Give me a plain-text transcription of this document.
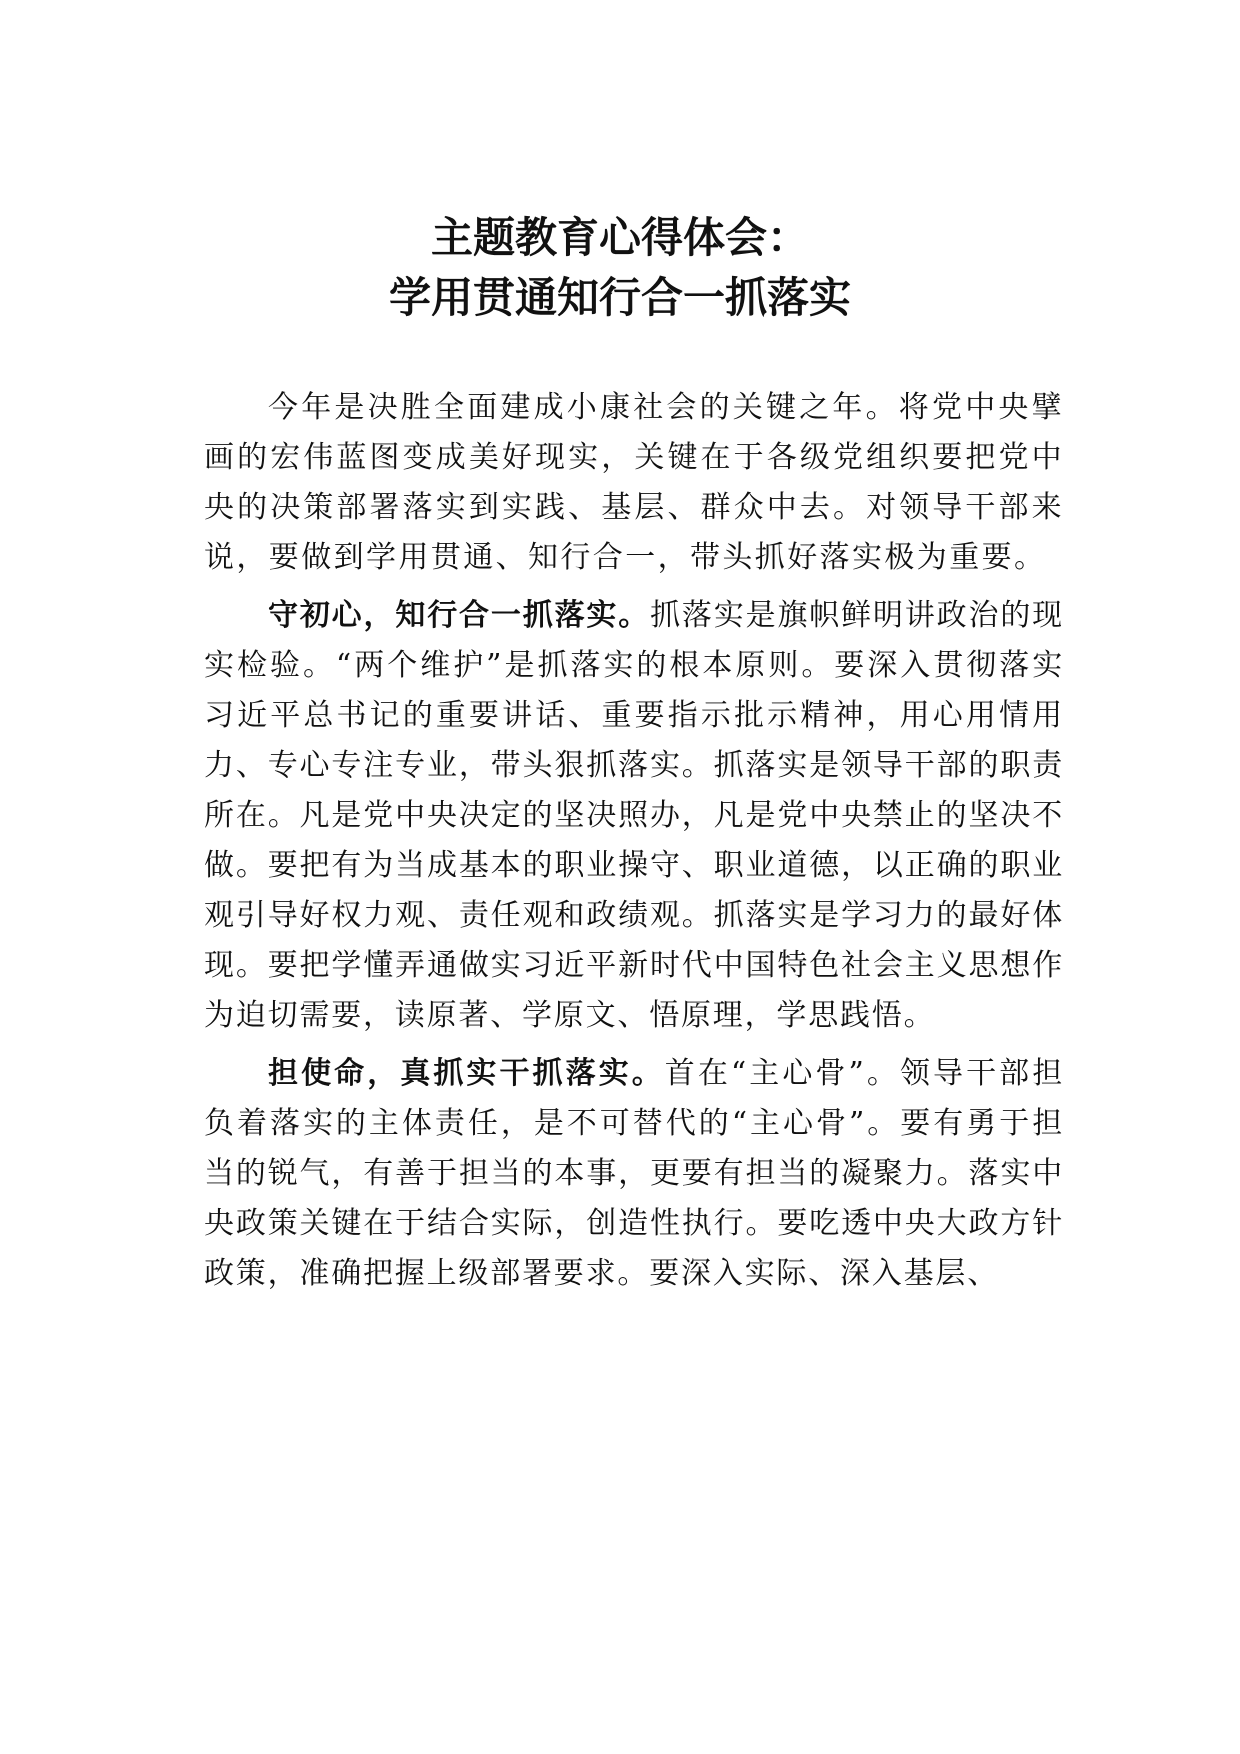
主题教育心得体会：
学用贯通知行合一抓落实

今年是决胜全面建成小康社会的关键之年。将党中央擘画的宏伟蓝图变成美好现实，关键在于各级党组织要把党中央的决策部署落实到实践、基层、群众中去。对领导干部来说，要做到学用贯通、知行合一，带头抓好落实极为重要。

守初心，知行合一抓落实。抓落实是旗帜鲜明讲政治的现实检验。“两个维护”是抓落实的根本原则。要深入贯彻落实习近平总书记的重要讲话、重要指示批示精神，用心用情用力、专心专注专业，带头狠抓落实。抓落实是领导干部的职责所在。凡是党中央决定的坚决照办，凡是党中央禁止的坚决不做。要把有为当成基本的职业操守、职业道德，以正确的职业观引导好权力观、责任观和政绩观。抓落实是学习力的最好体现。要把学懂弄通做实习近平新时代中国特色社会主义思想作为迫切需要，读原著、学原文、悟原理，学思践悟。

担使命，真抓实干抓落实。首在“主心骨”。领导干部担负着落实的主体责任，是不可替代的“主心骨”。要有勇于担当的锐气，有善于担当的本事，更要有担当的凝聚力。落实中央政策关键在于结合实际，创造性执行。要吃透中央大政方针政策，准确把握上级部署要求。要深入实际、深入基层、
